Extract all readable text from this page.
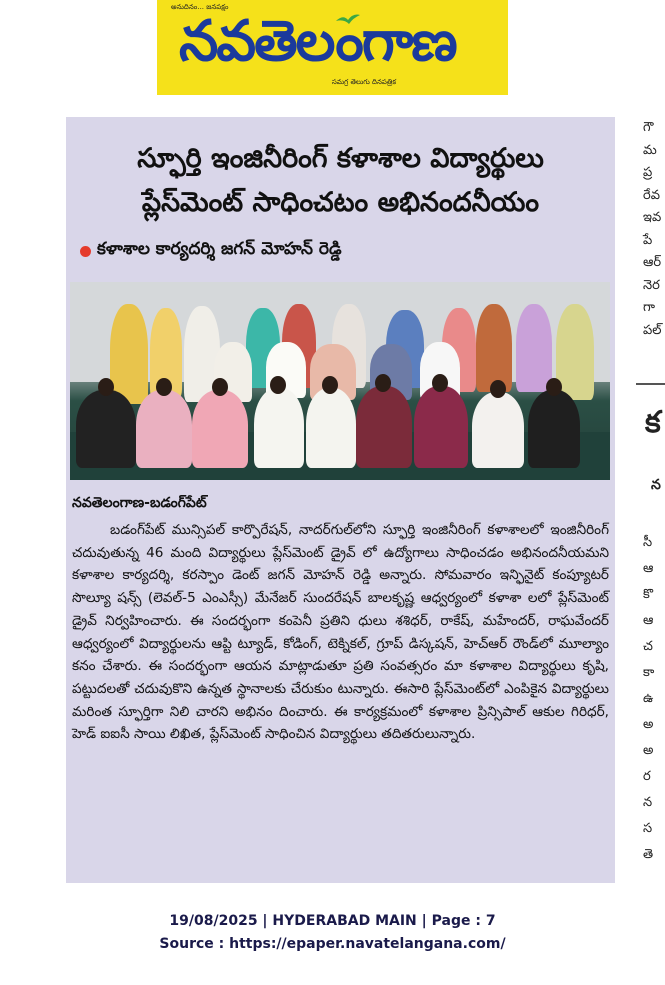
అనుదినం... జనపక్షం
నవతెలంగాణ
సమగ్ర తెలుగు దినపత్రిక
స్ఫూర్తి ఇంజినీరింగ్ కళాశాల విద్యార్థులు
ప్లేస్‌మెంట్ సాధించటం అభినందనీయం
కళాశాల కార్యదర్శి జగన్ మోహన్ రెడ్డి
నవతెలంగాణ-బడంగ్‌పేట్
బడంగ్‌పేట్ మున్సిపల్ కార్పొరేషన్, నాదర్‌గుల్‌లోని స్ఫూర్తి ఇంజినీరింగ్ కళాశాలలో ఇంజినీరింగ్ చదువుతున్న 46 మంది విద్యార్థులు ప్లేస్‌మెంట్ డ్రైవ్ లో ఉద్యోగాలు సాధించడం అభినందనీయమని కళాశాల కార్యదర్శి, కరస్పాం డెంట్ జగన్ మోహన్ రెడ్డి అన్నారు. సోమవారం ఇన్ఫినైట్ కంప్యూటర్ సొల్యూ షన్స్ (లెవల్-5 ఎంఎస్సీ) మేనేజర్ సుందరేషన్ బాలకృష్ణ ఆధ్వర్యంలో కళాశా లలో ప్లేస్‌మెంట్ డ్రైవ్ నిర్వహించారు. ఈ సందర్భంగా కంపెనీ ప్రతిని ధులు శశిధర్, రాకేష్, మహేందర్, రాఘవేందర్ ఆధ్వర్యంలో విద్యార్థులను ఆప్టి ట్యూడ్, కోడింగ్, టెక్నికల్, గ్రూప్ డిస్కషన్, హెచ్‌ఆర్ రౌండ్‌లో మూల్యాం కనం చేశారు. ఈ సందర్భంగా ఆయన మాట్లాడుతూ ప్రతి సంవత్సరం మా కళాశాల విద్యార్థులు కృషి, పట్టుదలతో చదువుకొని ఉన్నత స్థానాలకు చేరుకుం టున్నారు. ఈసారి ప్లేస్‌మెంట్‌లో ఎంపికైన విద్యార్థులు మరింత స్ఫూర్తిగా నిలి చారని అభినం దించారు. ఈ కార్యక్రమంలో కళాశాల ప్రిన్సిపాల్ ఆకుల గిరిధర్, హెడ్ ఐఐసీ సాయి లిఖిత, ప్లేస్‌మెంట్ సాధించిన విద్యార్థులు తదితరులున్నారు.
గౌ
మ
ప్ర
రేవ
ఇవ
పే
ఆర్
నెర
గా
పల్
క
న
సీ
ఆ
కొ
ఆ
చ
కా
ఉ
అ
అ
ర
న
స
తె
19/08/2025 | HYDERABAD MAIN | Page : 7
Source : https://epaper.navatelangana.com/
